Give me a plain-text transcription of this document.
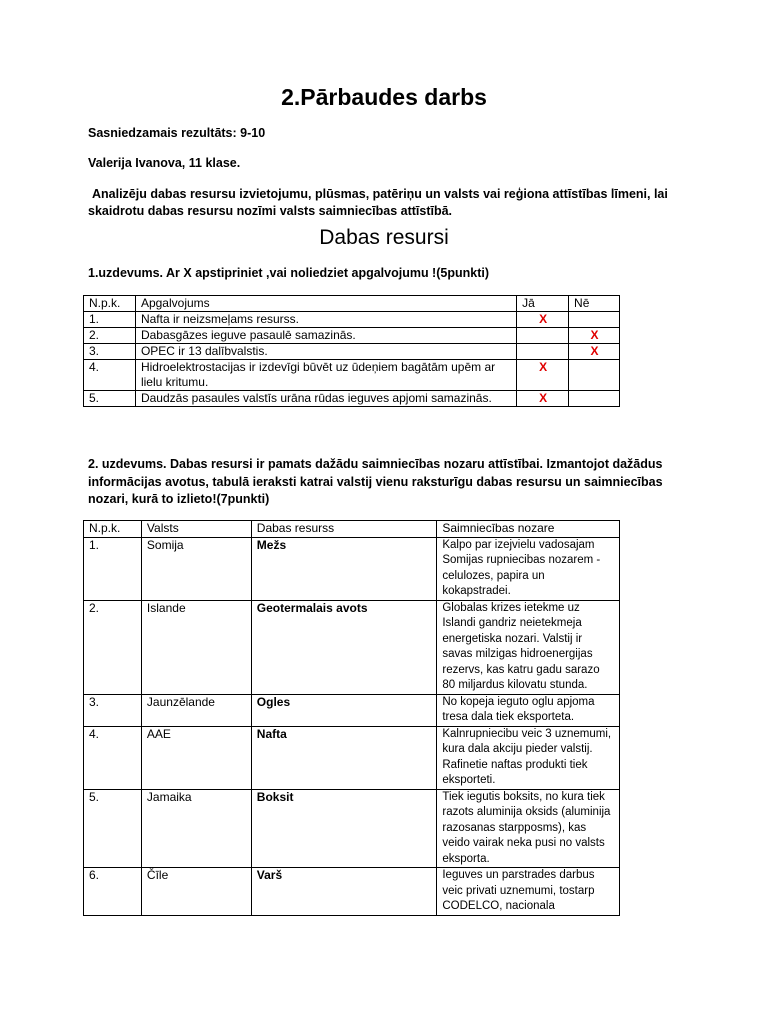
2.Pārbaudes darbs

Sasniedzamais rezultāts: 9-10

Valerija Ivanova, 11 klase.

Analizēju dabas resursu izvietojumu, plūsmas, patēriņu un valsts vai reģiona attīstības līmeni, lai skaidrotu dabas resursu nozīmi valsts saimniecības attīstībā.

Dabas resursi

1.uzdevums. Ar X apstipriniet ,vai noliedziet apgalvojumu !(5punkti)

N.p.k.	Apgalvojums	Jā	Nē
1.	Nafta ir neizsmeļams resurss.	X	
2.	Dabasgāzes ieguve pasaulē samazinās.		X
3.	OPEC ir 13 dalībvalstis.		X
4.	Hidroelektrostacijas ir izdevīgi būvēt uz ūdeņiem bagātām upēm ar lielu kritumu.	X	
5.	Daudzās pasaules valstīs urāna rūdas ieguves apjomi samazinās.	X	

2. uzdevums. Dabas resursi ir pamats dažādu saimniecības nozaru attīstībai. Izmantojot dažādus informācijas avotus, tabulā ieraksti katrai valstij vienu raksturīgu dabas resursu un saimniecības nozari, kurā to izlieto!(7punkti)

N.p.k.	Valsts	Dabas resurss	Saimniecības nozare
1.	Somija	Mežs	Kalpo par izejvielu vadosajam Somijas rupniecibas nozarem - celulozes, papira un kokapstradei.
2.	Islande	Geotermalais avots	Globalas krizes ietekme uz Islandi gandriz neietekmeja energetiska nozari. Valstij ir savas milzigas hidroenergijas rezervs, kas katru gadu sarazo 80 miljardus kilovatu stunda.
3.	Jaunzēlande	Ogles	No kopeja ieguto oglu apjoma tresa dala tiek eksporteta.
4.	AAE	Nafta	Kalnrupniecibu veic 3 uznemumi, kura dala akciju pieder valstij. Rafinetie naftas produkti tiek eksporteti.
5.	Jamaika	Boksit	Tiek iegutis boksits, no kura tiek razots aluminija oksids (aluminija razosanas starpposms), kas veido vairak neka pusi no valsts eksporta.
6.	Čīle	Varš	Ieguves un parstrades darbus veic privati uznemumi, tostarp CODELCO, nacionala
